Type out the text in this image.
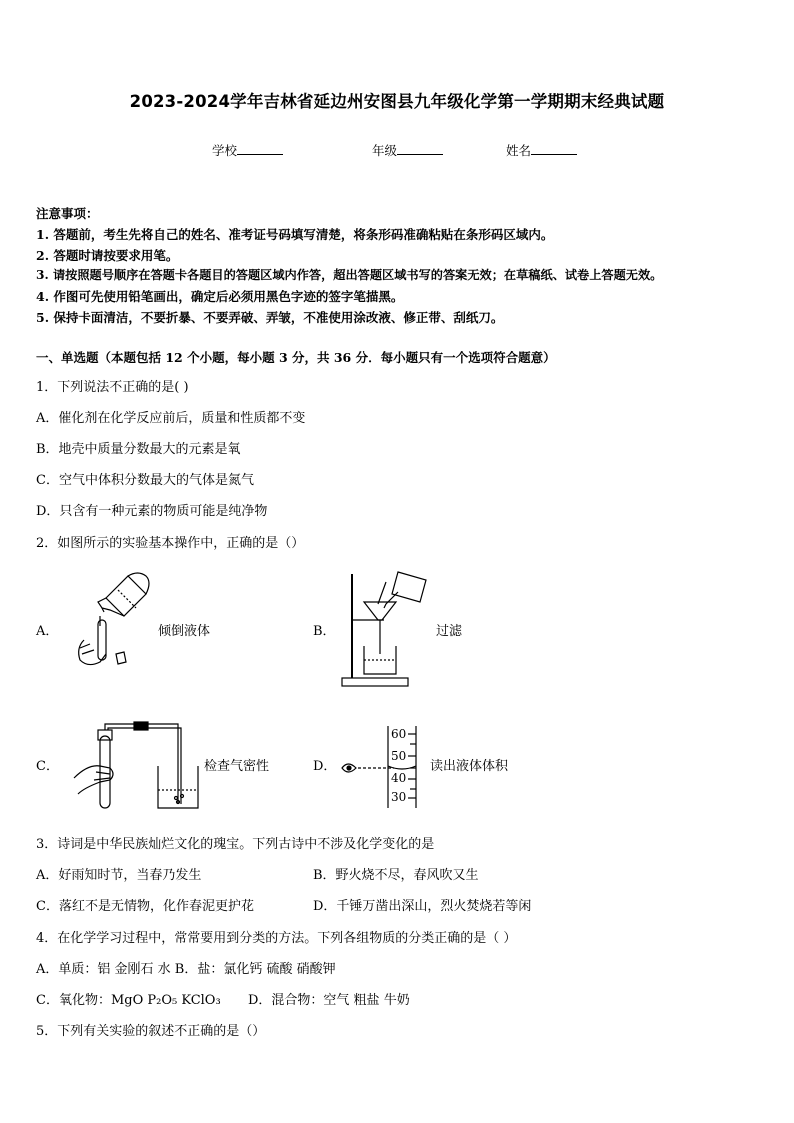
2023-2024学年吉林省延边州安图县九年级化学第一学期期末经典试题
学校	年级	姓名
注意事项：
1. 答题前，考生先将自己的姓名、准考证号码填写清楚，将条形码准确粘贴在条形码区域内。
2. 答题时请按要求用笔。
3. 请按照题号顺序在答题卡各题目的答题区域内作答，超出答题区域书写的答案无效；在草稿纸、试卷上答题无效。
4. 作图可先使用铅笔画出，确定后必须用黑色字迹的签字笔描黑。
5. 保持卡面清洁，不要折暴、不要弄破、弄皱，不准使用涂改液、修正带、刮纸刀。
一、单选题（本题包括 12 个小题，每小题 3 分，共 36 分．每小题只有一个选项符合题意）
1．下列说法不正确的是( )
A．催化剂在化学反应前后，质量和性质都不变
B．地壳中质量分数最大的元素是氧
C．空气中体积分数最大的气体是氮气
D．只含有一种元素的物质可能是纯净物
2．如图所示的实验基本操作中，正确的是（）
A．	倾倒液体	B．	过滤
C．	检查气密性	D．
60
50
40
30
读出液体体积
3．诗词是中华民族灿烂文化的瑰宝。下列古诗中不涉及化学变化的是
A．好雨知时节，当春乃发生	B．野火烧不尽，春风吹又生
C．落红不是无情物，化作春泥更护花	D．千锤万凿出深山，烈火焚烧若等闲
4．在化学学习过程中，常常要用到分类的方法。下列各组物质的分类正确的是（ ）
A．单质：铝 金刚石 水 B．盐：氯化钙 硫酸 硝酸钾
C．氧化物：MgO P₂O₅ KClO₃ D．混合物：空气 粗盐 牛奶
5．下列有关实验的叙述不正确的是（）
